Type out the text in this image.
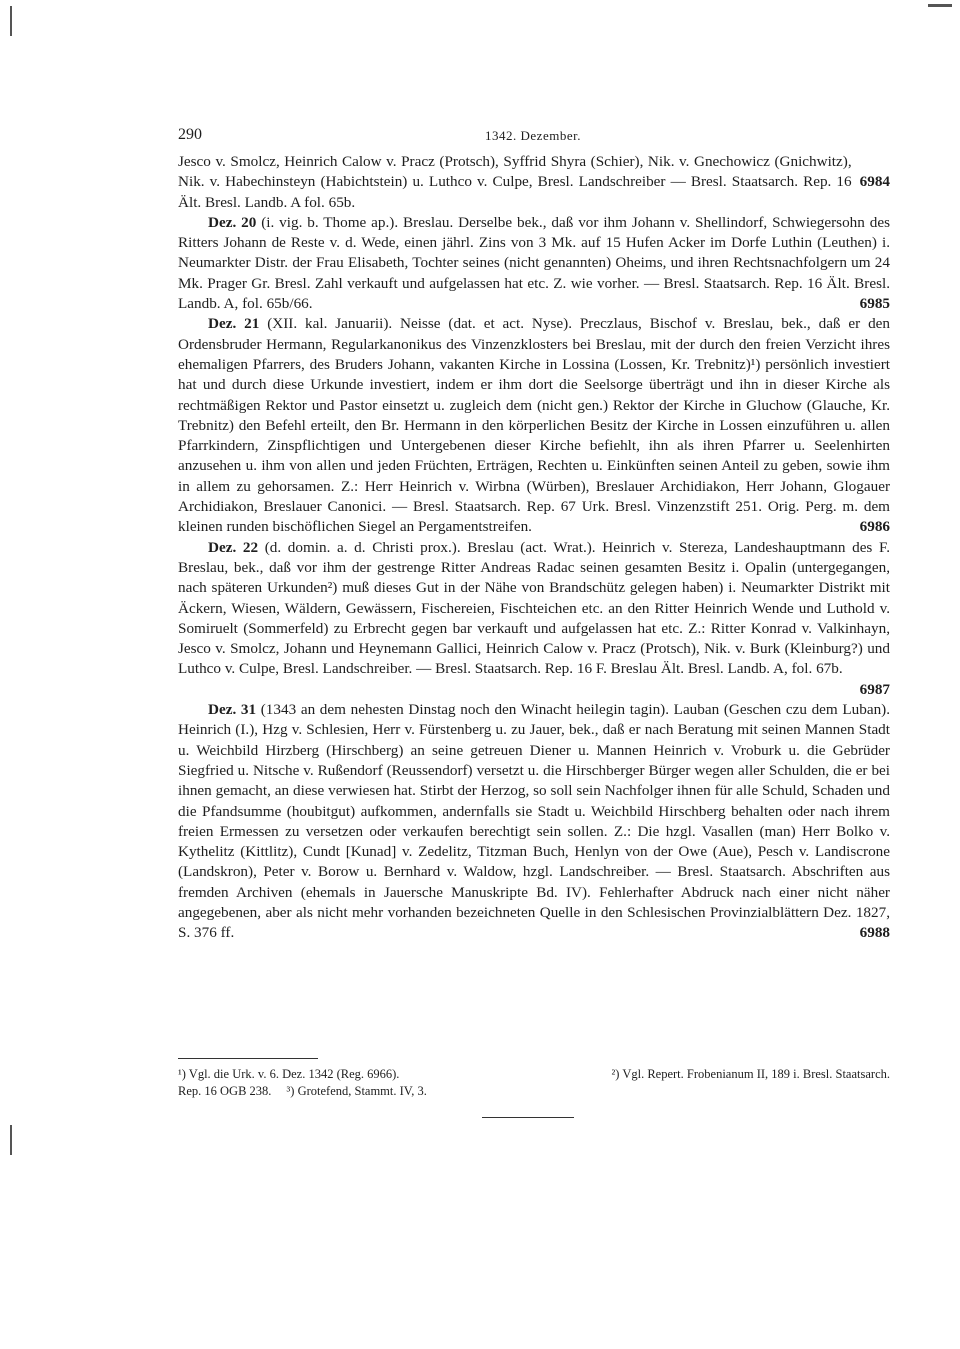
290	1342. Dezember.

6984
Jesco v. Smolcz, Heinrich Calow v. Pracz (Protsch), Syffrid Shyra (Schier), Nik. v. Gnechowicz (Gnichwitz), Nik. v. Habechinsteyn (Habichtstein) u. Luthco v. Culpe, Bresl. Landschreiber — Bresl. Staatsarch. Rep. 16 Ält. Bresl. Landb. A fol. 65b.

Dez. 20 (i. vig. b. Thome ap.). Breslau. Derselbe bek., daß vor ihm Johann v. Shellindorf, Schwiegersohn des Ritters Johann de Reste v. d. Wede, einen jährl. Zins von 3 Mk. auf 15 Hufen Acker im Dorfe Luthin (Leuthen) i. Neumarkter Distr. der Frau Elisabeth, Tochter seines (nicht genannten) Oheims, und ihren Rechtsnachfolgern um 24 Mk. Prager Gr. Bresl. Zahl verkauft und aufgelassen hat etc. Z. wie vorher. — Bresl. Staatsarch. Rep. 16 Ält. Bresl. Landb. A, fol. 65b/66.	6985

Dez. 21 (XII. kal. Januarii). Neisse (dat. et act. Nyse). Preczlaus, Bischof v. Breslau, bek., daß er den Ordensbruder Hermann, Regularkanonikus des Vinzenzklosters bei Breslau, mit der durch den freien Verzicht ihres ehemaligen Pfarrers, des Bruders Johann, vakanten Kirche in Lossina (Lossen, Kr. Trebnitz)¹) persönlich investiert hat und durch diese Urkunde investiert, indem er ihm dort die Seelsorge überträgt und ihn in dieser Kirche als rechtmäßigen Rektor und Pastor einsetzt u. zugleich dem (nicht gen.) Rektor der Kirche in Gluchow (Glauche, Kr. Trebnitz) den Befehl erteilt, den Br. Hermann in den körperlichen Besitz der Kirche in Lossen einzuführen u. allen Pfarrkindern, Zinspflichtigen und Untergebenen dieser Kirche befiehlt, ihn als ihren Pfarrer u. Seelenhirten anzusehen u. ihm von allen und jeden Früchten, Erträgen, Rechten u. Einkünften seinen Anteil zu geben, sowie ihm in allem zu gehorsamen. Z.: Herr Heinrich v. Wirbna (Würben), Breslauer Archidiakon, Herr Johann, Glogauer Archidiakon, Breslauer Canonici. — Bresl. Staatsarch. Rep. 67 Urk. Bresl. Vinzenzstift 251. Orig. Perg. m. dem kleinen runden bischöflichen Siegel an Pergamentstreifen.	6986

Dez. 22 (d. domin. a. d. Christi prox.). Breslau (act. Wrat.). Heinrich v. Stereza, Landeshauptmann des F. Breslau, bek., daß vor ihm der gestrenge Ritter Andreas Radac seinen gesamten Besitz i. Opalin (untergegangen, nach späteren Urkunden²) muß dieses Gut in der Nähe von Brandschütz gelegen haben) i. Neumarkter Distrikt mit Äckern, Wiesen, Wäldern, Gewässern, Fischereien, Fischteichen etc. an den Ritter Heinrich Wende und Luthold v. Somiruelt (Sommerfeld) zu Erbrecht gegen bar verkauft und aufgelassen hat etc. Z.: Ritter Konrad v. Valkinhayn, Jesco v. Smolcz, Johann und Heynemann Gallici, Heinrich Calow v. Pracz (Protsch), Nik. v. Burk (Kleinburg?) und Luthco v. Culpe, Bresl. Landschreiber. — Bresl. Staatsarch. Rep. 16 F. Breslau Ält. Bresl. Landb. A, fol. 67b.
6987

Dez. 31 (1343 an dem nehesten Dinstag noch den Winacht heilegin tagin). Lauban (Geschen czu dem Luban). Heinrich (I.), Hzg v. Schlesien, Herr v. Fürstenberg u. zu Jauer, bek., daß er nach Beratung mit seinen Mannen Stadt u. Weichbild Hirzberg (Hirschberg) an seine getreuen Diener u. Mannen Heinrich v. Vroburk u. die Gebrüder Siegfried u. Nitsche v. Rußendorf (Reussendorf) versetzt u. die Hirschberger Bürger wegen aller Schulden, die er bei ihnen gemacht, an diese verwiesen hat. Stirbt der Herzog, so soll sein Nachfolger ihnen für alle Schuld, Schaden und die Pfandsumme (houbitgut) aufkommen, andernfalls sie Stadt u. Weichbild Hirschberg behalten oder nach ihrem freien Ermessen zu versetzen oder verkaufen berechtigt sein sollen. Z.: Die hzgl. Vasallen (man) Herr Bolko v. Kythelitz (Kittlitz), Cundt [Kunad] v. Zedelitz, Titzman Buch, Henlyn von der Owe (Aue), Pesch v. Landiscrone (Landskron), Peter v. Borow u. Bernhard v. Waldow, hzgl. Landschreiber. — Bresl. Staatsarch. Abschriften aus fremden Archiven (ehemals in Jauersche Manuskripte Bd. IV). Fehlerhafter Abdruck nach einer nicht näher angegebenen, aber als nicht mehr vorhanden bezeichneten Quelle in den Schlesischen Provinzialblättern Dez. 1827, S. 376 ff.	6988

¹) Vgl. die Urk. v. 6. Dez. 1342 (Reg. 6966).	²) Vgl. Repert. Frobenianum II, 189 i. Bresl. Staatsarch.
Rep. 16 OGB 238. ³) Grotefend, Stammt. IV, 3.
